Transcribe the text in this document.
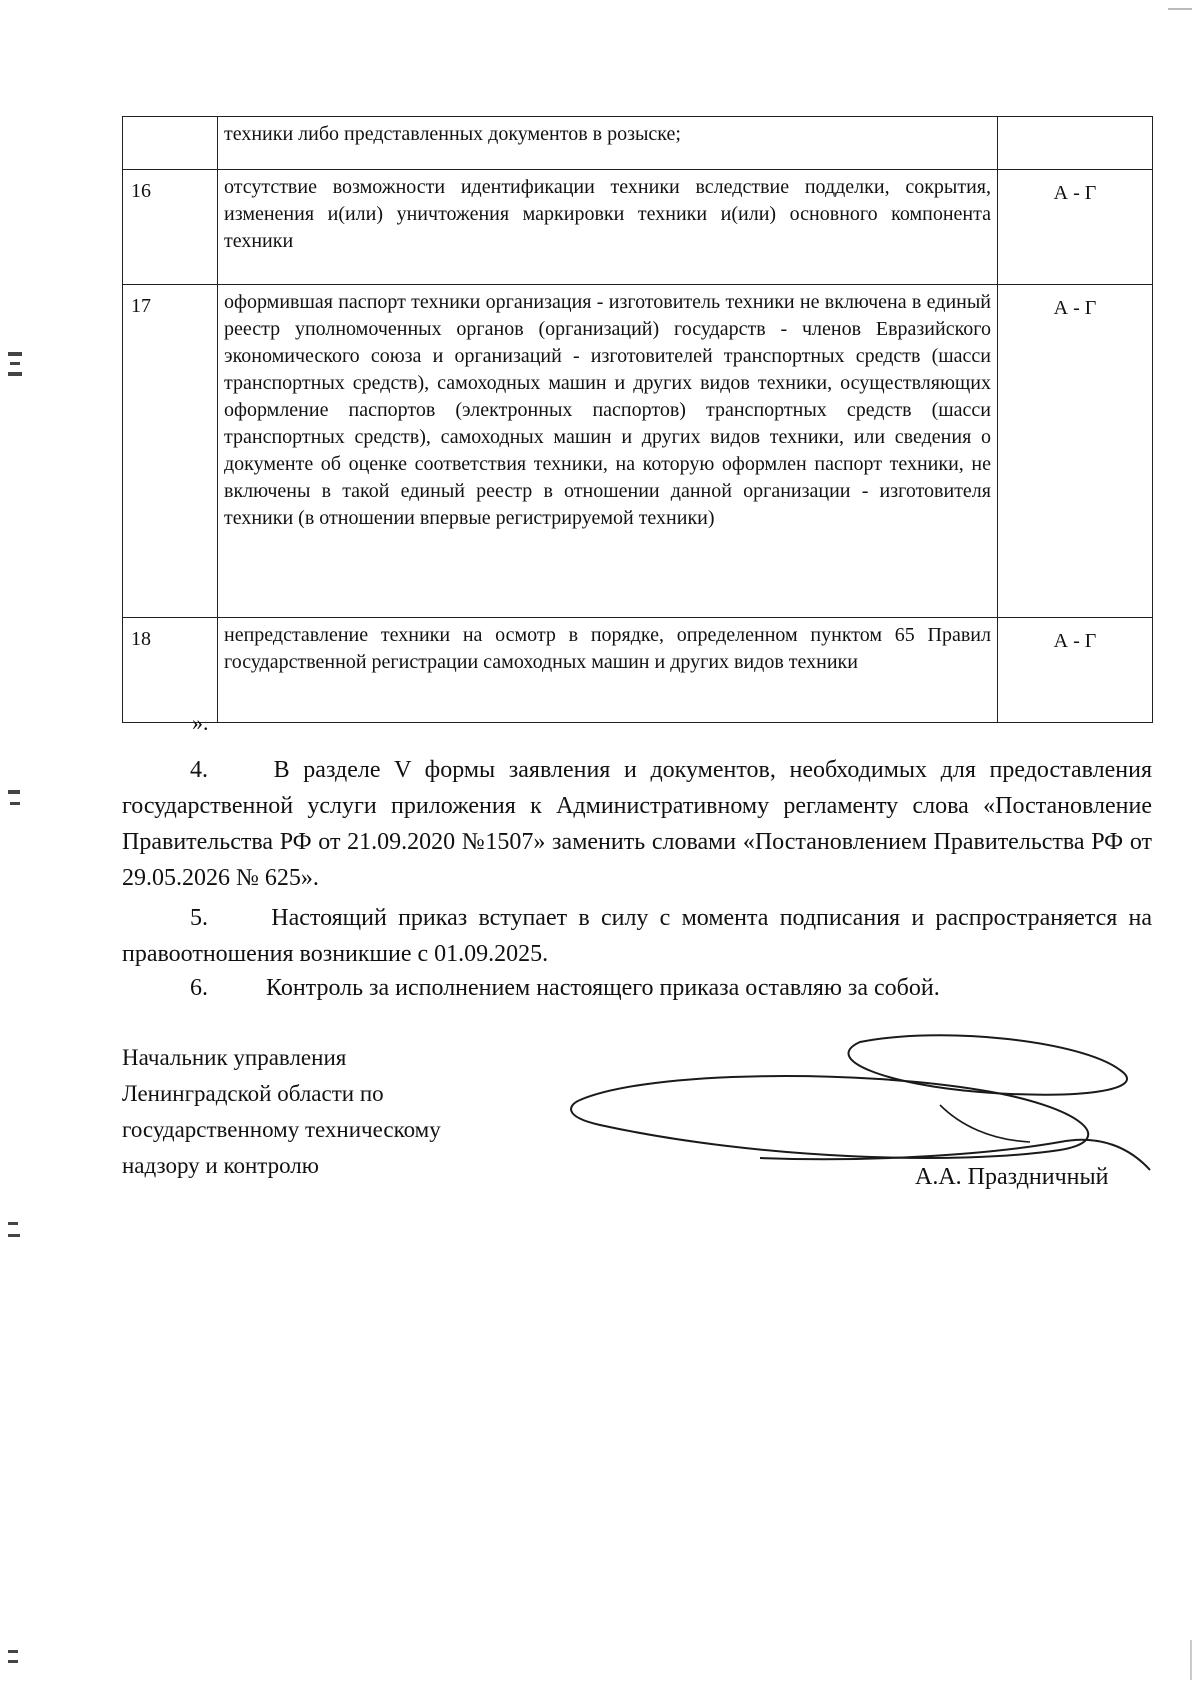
	техники либо представленных документов в розыске;	
16	отсутствие возможности идентификации техники вследствие подделки, сокрытия, изменения и(или) уничтожения маркировки техники и(или) основного компонента техники	А - Г
17	оформившая паспорт техники организация - изготовитель техники не включена в единый реестр уполномоченных органов (организаций) государств - членов Евразийского экономического союза и организаций - изготовителей транспортных средств (шасси транспортных средств), самоходных машин и других видов техники, осуществляющих оформление паспортов (электронных паспортов) транспортных средств (шасси транспортных средств), самоходных машин и других видов техники, или сведения о документе об оценке соответствия техники, на которую оформлен паспорт техники, не включены в такой единый реестр в отношении данной организации - изготовителя техники (в отношении впервые регистрируемой техники)	А - Г
18	непредставление техники на осмотр в порядке, определенном пунктом 65 Правил государственной регистрации самоходных машин и других видов техники	А - Г
».
4.	В разделе V формы заявления и документов, необходимых для предоставления государственной услуги приложения к Административному регламенту слова «Постановление Правительства РФ от 21.09.2020 №1507» заменить словами «Постановлением Правительства РФ от 29.05.2026 № 625».
5.	Настоящий приказ вступает в силу с момента подписания и распространяется на правоотношения возникшие с 01.09.2025.
6. Контроль за исполнением настоящего приказа оставляю за собой.
Начальник управления
Ленинградской области по
государственному техническому
надзору и контролю	А.А. Праздничный
